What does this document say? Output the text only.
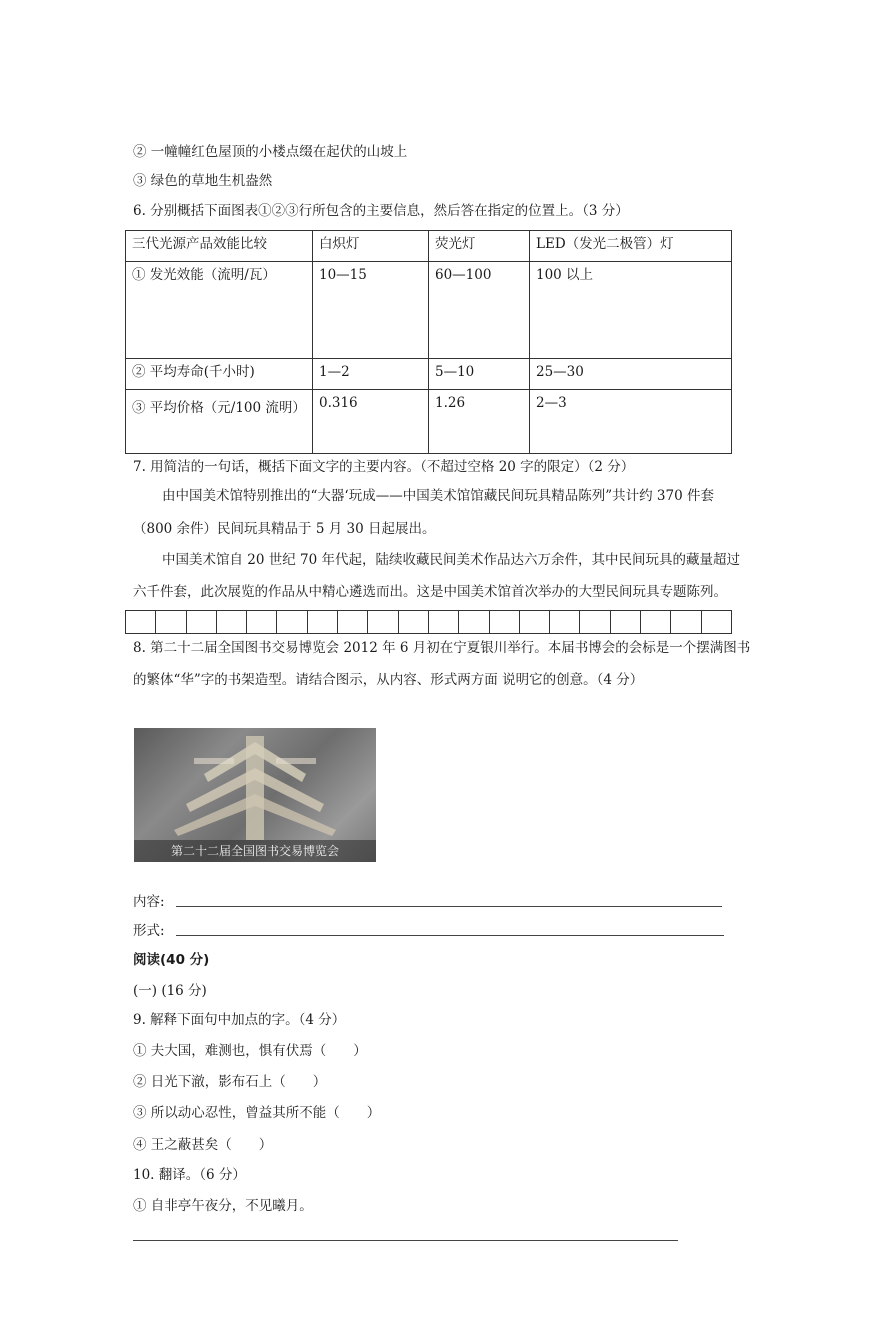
② 一幢幢红色屋顶的小楼点缀在起伏的山坡上
③ 绿色的草地生机盎然
6. 分别概括下面图表①②③行所包含的主要信息，然后答在指定的位置上。（3 分）
三代光源产品效能比较	白炽灯	荧光灯	LED（发光二极管）灯
① 发光效能（流明/瓦）	10—15	60—100	100 以上
② 平均寿命(千小时)	1—2	5—10	25—30
③ 平均价格（元/100 流明）	0.316	1.26	2—3
7. 用简洁的一句话，概括下面文字的主要内容。（不超过空格 20 字的限定）（2 分）
由中国美术馆特别推出的“大器‘玩成——中国美术馆馆藏民间玩具精品陈列”共计约 370 件套
（800 余件）民间玩具精品于 5 月 30 日起展出。
中国美术馆自 20 世纪 70 年代起，陆续收藏民间美术作品达六万余件，其中民间玩具的藏量超过
六千件套，此次展览的作品从中精心遴选而出。这是中国美术馆首次举办的大型民间玩具专题陈列。
8. 第二十二届全国图书交易博览会 2012 年 6 月初在宁夏银川举行。本届书博会的会标是一个摆满图书
的繁体“华”字的书架造型。请结合图示，从内容、形式两方面 说明它的创意。（4 分）
第二十二届全国图书交易博览会
内容:
形式:
阅读(40 分)
(一) (16 分)
9. 解释下面句中加点的字。（4 分）
① 夫大国，难测也，惧有伏焉（　　）
② 日光下澈，影布石上（　　）
③ 所以动心忍性，曾益其所不能（　　）
④ 王之蔽甚矣（　　）
10. 翻译。（6 分）
① 自非亭午夜分，不见曦月。
